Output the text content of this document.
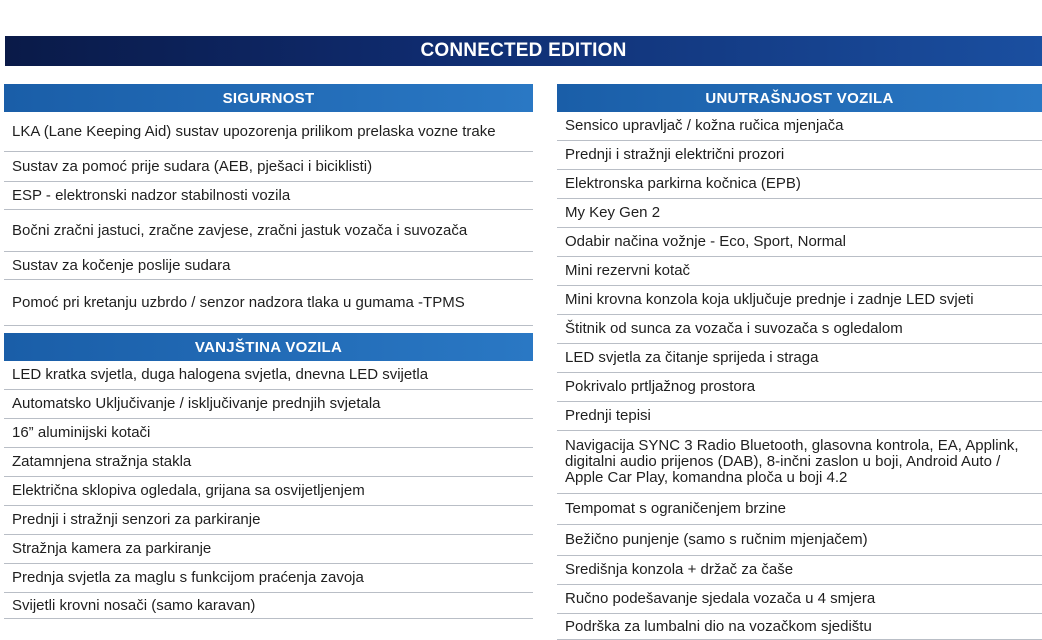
CONNECTED EDITION
SIGURNOST
LKA (Lane Keeping Aid) sustav upozorenja prilikom prelaska vozne trake
Sustav za pomoć prije sudara (AEB, pješaci i biciklisti)
ESP - elektronski nadzor stabilnosti vozila
Bočni zračni jastuci, zračne zavjese, zračni jastuk vozača i suvozača
Sustav za kočenje poslije sudara
Pomoć pri kretanju uzbrdo / senzor nadzora tlaka u gumama -TPMS
VANJŠTINA VOZILA
LED kratka svjetla, duga halogena svjetla, dnevna LED svijetla
Automatsko Uključivanje / isključivanje prednjih svjetala
16” aluminijski kotači
Zatamnjena stražnja stakla
Električna sklopiva ogledala, grijana sa osvijetljenjem
Prednji i stražnji senzori za parkiranje
Stražnja kamera za parkiranje
Prednja svjetla za maglu s funkcijom praćenja zavoja
Svijetli krovni nosači (samo karavan)
UNUTRAŠNJOST VOZILA
Sensico upravljač / kožna ručica mjenjača
Prednji i stražnji električni prozori
Elektronska parkirna kočnica (EPB)
My Key Gen 2
Odabir načina vožnje - Eco, Sport, Normal
Mini rezervni kotač
Mini krovna konzola koja uključuje prednje i zadnje LED svjeti
Štitnik od sunca za vozača i suvozača s ogledalom
LED svjetla za čitanje sprijeda i straga
Pokrivalo prtljažnog prostora
Prednji tepisi
Navigacija SYNC 3 Radio Bluetooth, glasovna kontrola, EA, Applink, digitalni audio prijenos (DAB), 8-inčni zaslon u boji, Android Auto / Apple Car Play, komandna ploča u boji 4.2
Tempomat s ograničenjem brzine
Bežično punjenje (samo s ručnim mjenjačem)
Središnja konzola + držač za čaše
Ručno podešavanje sjedala vozača u 4 smjera
Podrška za lumbalni dio na vozačkom sjedištu
